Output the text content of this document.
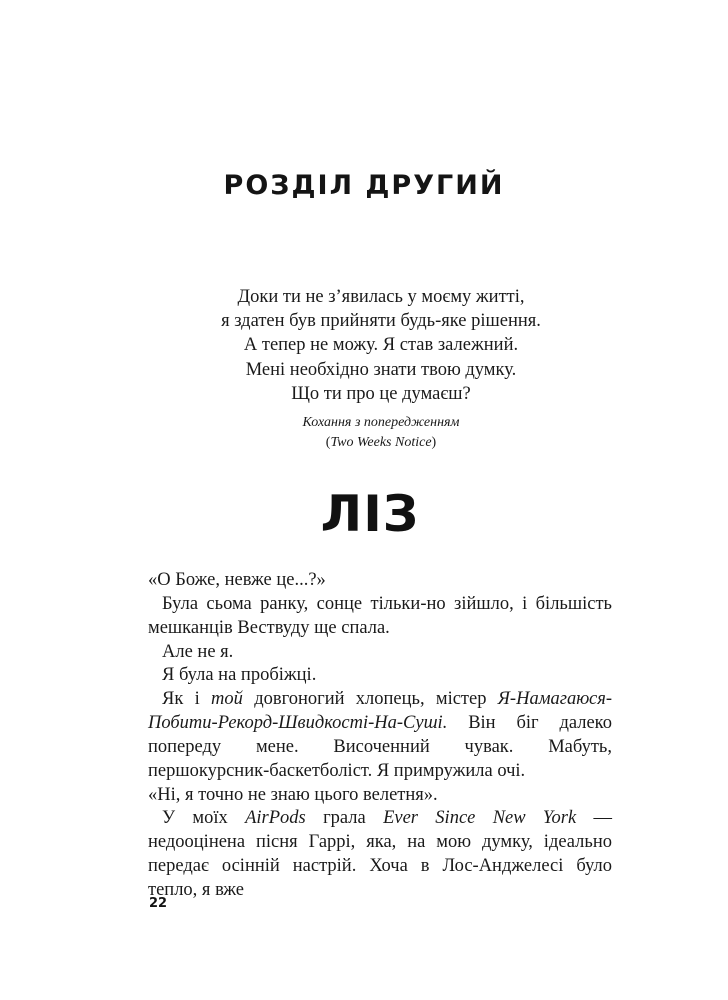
РОЗДІЛ ДРУГИЙ
Доки ти не з’явилась у моєму житті,
я здатен був прийняти будь-яке рішення.
А тепер не можу. Я став залежний.
Мені необхідно знати твою думку.
Що ти про це думаєш?
Кохання з попередженням
(Two Weeks Notice)
ЛІЗ

«О Боже, невже це...?»

Була сьома ранку, сонце тільки-но зійшло, і більшість мешканців Вествуду ще спала.

Але не я.

Я була на пробіжці.

Як і той довгоногий хлопець, містер Я-Намагаюся-Побити-Рекорд-Швидкості-На-Суші. Він біг далеко попереду мене. Височенний чувак. Мабуть, першокурсник-баскетболіст. Я примружила очі.

«Ні, я точно не знаю цього велетня».

У моїх AirPods грала Ever Since New York — недооцінена пісня Гаррі, яка, на мою думку, ідеально передає осінній настрій. Хоча в Лос-Анджелесі було тепло, я вже

22
